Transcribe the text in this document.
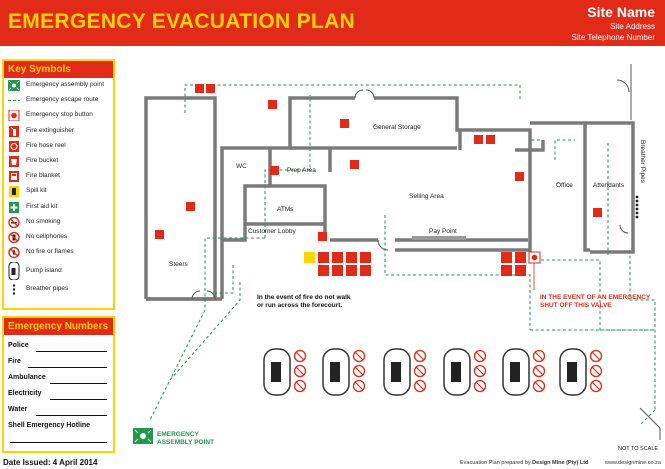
EMERGENCY EVACUATION PLAN	Site Name
Site Address
Site Telephone Number
Key Symbols
Emergency assembly point
Emergency escape route
Emergency stop button
Fire extinguisher
Fire hose reel
Fire bucket
Fire blanket
Spill kit
First aid kit
No smoking
No cellphones
No fire or flames
Pump island
Breather pipes
Emergency Numbers
Police
Fire
Ambulance
Electricity
Water
Shell Emergency Hotline
General Storage
WC
Prep Area
ATMs
Customer Lobby
Selling Area
Pay Point
Office	Attendants
Steers
Breather Pipes
In the event of fire do not walk
or run across the forecourt.
IN THE EVENT OF AN EMERGENCY
SHUT OFF THIS VALVE
EMERGENCY
ASSEMBLY POINT
NOT TO SCALE
Date Issued: 4 April 2014	Evacuation Plan prepared by Design Mine (Pty) Ltd	www.designmine.co.za
